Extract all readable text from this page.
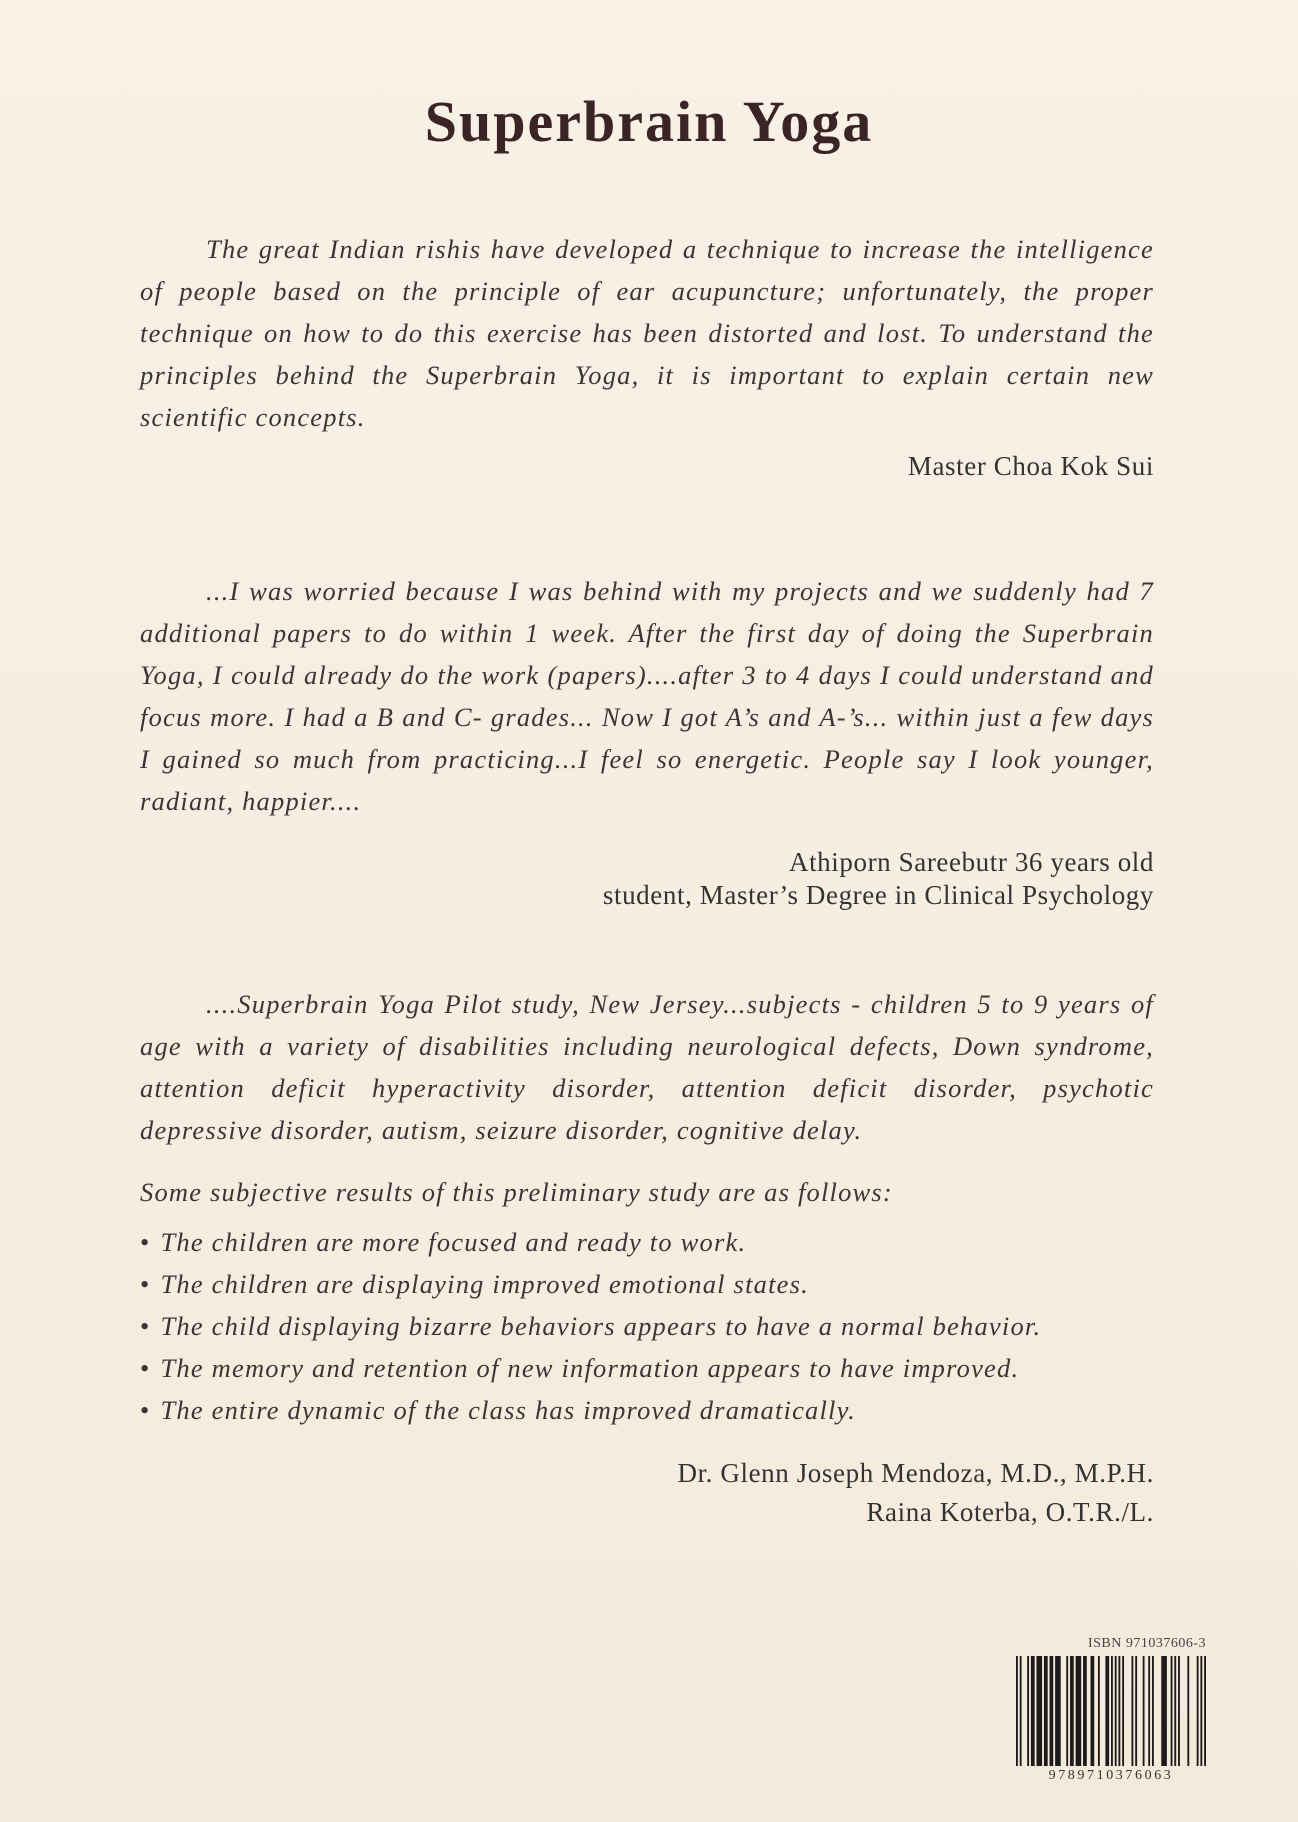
Superbrain Yoga

The great Indian rishis have developed a technique to increase the intelligence of people based on the principle of ear acupuncture; unfortunately, the proper technique on how to do this exercise has been distorted and lost. To understand the principles behind the Superbrain Yoga, it is important to explain certain new scientific concepts.

Master Choa Kok Sui

...I was worried because I was behind with my projects and we suddenly had 7 additional papers to do within 1 week. After the first day of doing the Superbrain Yoga, I could already do the work (papers)....after 3 to 4 days I could understand and focus more. I had a B and C- grades... Now I got A’s and A-’s... within just a few days I gained so much from practicing...I feel so energetic. People say I look younger, radiant, happier....

Athiporn Sareebutr 36 years old

student, Master’s Degree in Clinical Psychology

....Superbrain Yoga Pilot study, New Jersey...subjects - children 5 to 9 years of age with a variety of disabilities including neurological defects, Down syndrome, attention deficit hyperactivity disorder, attention deficit disorder, psychotic depressive disorder, autism, seizure disorder, cognitive delay.

Some subjective results of this preliminary study are as follows:

• The children are more focused and ready to work.
• The children are displaying improved emotional states.
• The child displaying bizarre behaviors appears to have a normal behavior.
• The memory and retention of new information appears to have improved.
• The entire dynamic of the class has improved dramatically.

Dr. Glenn Joseph Mendoza, M.D., M.P.H.

Raina Koterba, O.T.R./L.

ISBN 971037606-3
9789710376063
